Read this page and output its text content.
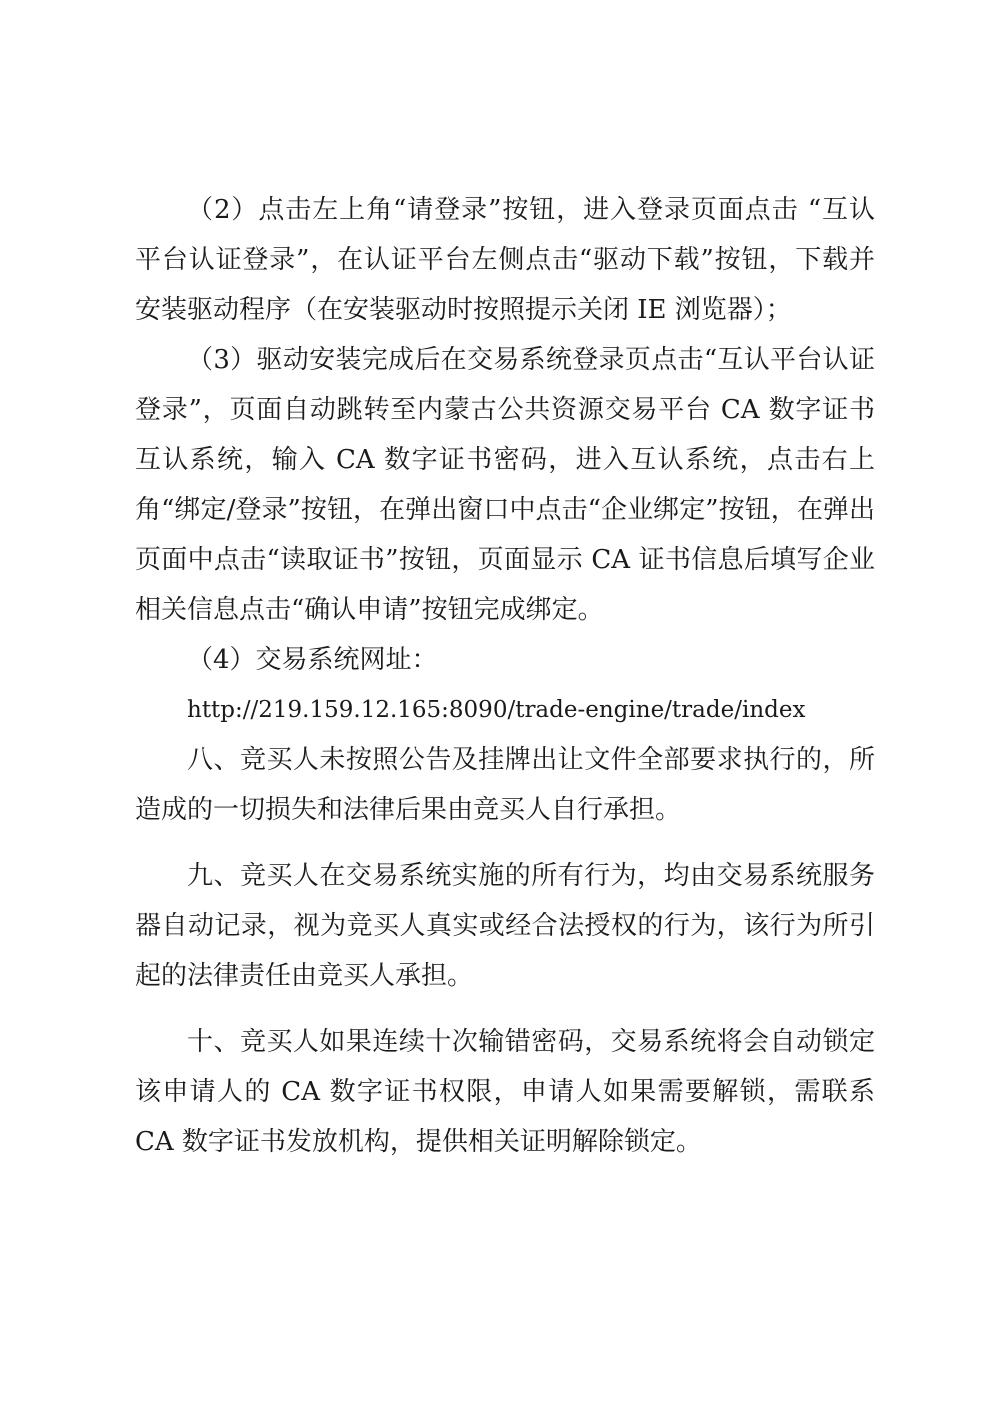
（2）点击左上角“请登录”按钮，进入登录页面点击 “互认平台认证登录”，在认证平台左侧点击“驱动下载”按钮，下载并安装驱动程序（在安装驱动时按照提示关闭 IE 浏览器）；

（3）驱动安装完成后在交易系统登录页点击“互认平台认证登录”，页面自动跳转至内蒙古公共资源交易平台 CA 数字证书互认系统，输入 CA 数字证书密码，进入互认系统，点击右上角“绑定/登录”按钮，在弹出窗口中点击“企业绑定”按钮，在弹出页面中点击“读取证书”按钮，页面显示 CA 证书信息后填写企业相关信息点击“确认申请”按钮完成绑定。

（4）交易系统网址：

http://219.159.12.165:8090/trade-engine/trade/index

八、竞买人未按照公告及挂牌出让文件全部要求执行的，所造成的一切损失和法律后果由竞买人自行承担。

九、竞买人在交易系统实施的所有行为，均由交易系统服务器自动记录，视为竞买人真实或经合法授权的行为，该行为所引起的法律责任由竞买人承担。

十、竞买人如果连续十次输错密码，交易系统将会自动锁定该申请人的 CA 数字证书权限，申请人如果需要解锁，需联系 CA 数字证书发放机构，提供相关证明解除锁定。
